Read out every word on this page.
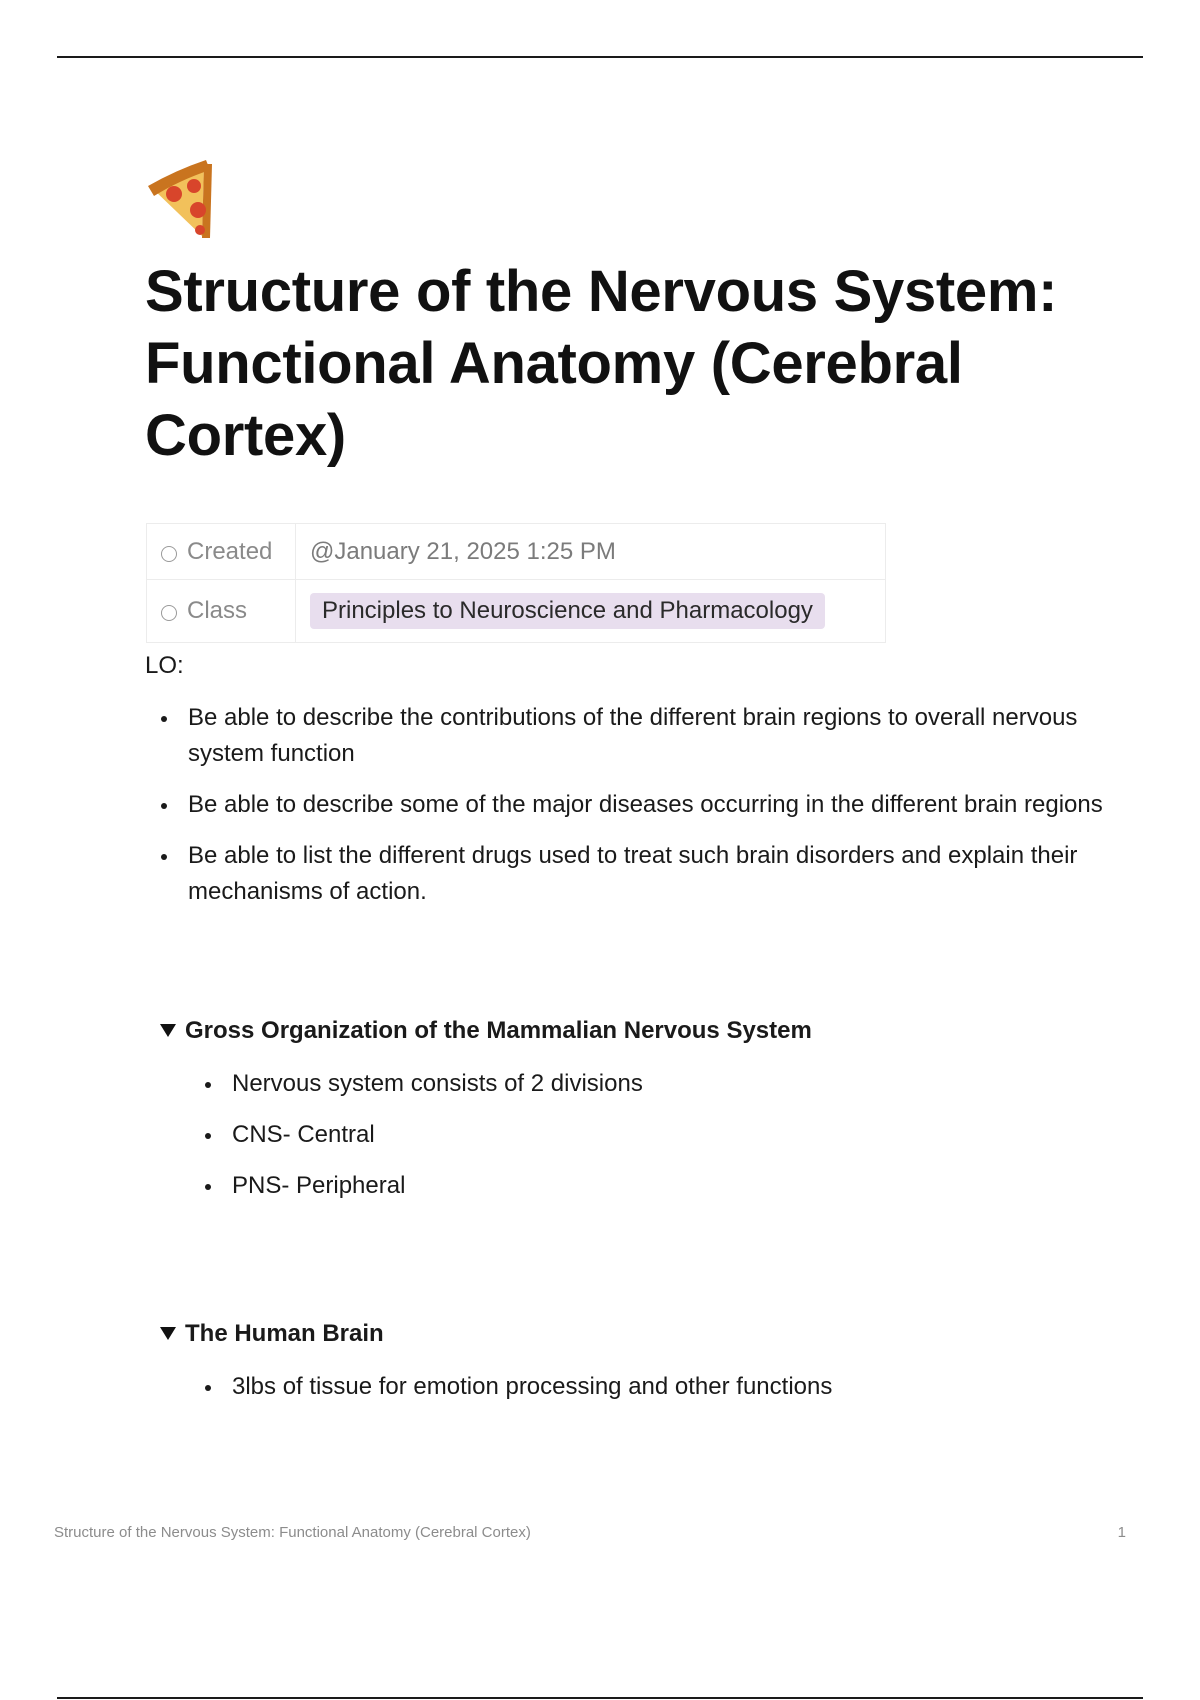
Structure of the Nervous System: Functional Anatomy (Cerebral Cortex)
Created	@January 21, 2025 1:25 PM
Class	Principles to Neuroscience and Pharmacology

LO:

Be able to describe the contributions of the different brain regions to overall nervous system function
Be able to describe some of the major diseases occurring in the different brain regions
Be able to list the different drugs used to treat such brain disorders and explain their mechanisms of action.

Gross Organization of the Mammalian Nervous System

Nervous system consists of 2 divisions
CNS- Central
PNS- Peripheral

The Human Brain

3lbs of tissue for emotion processing and other functions
Structure of the Nervous System: Functional Anatomy (Cerebral Cortex)	1
